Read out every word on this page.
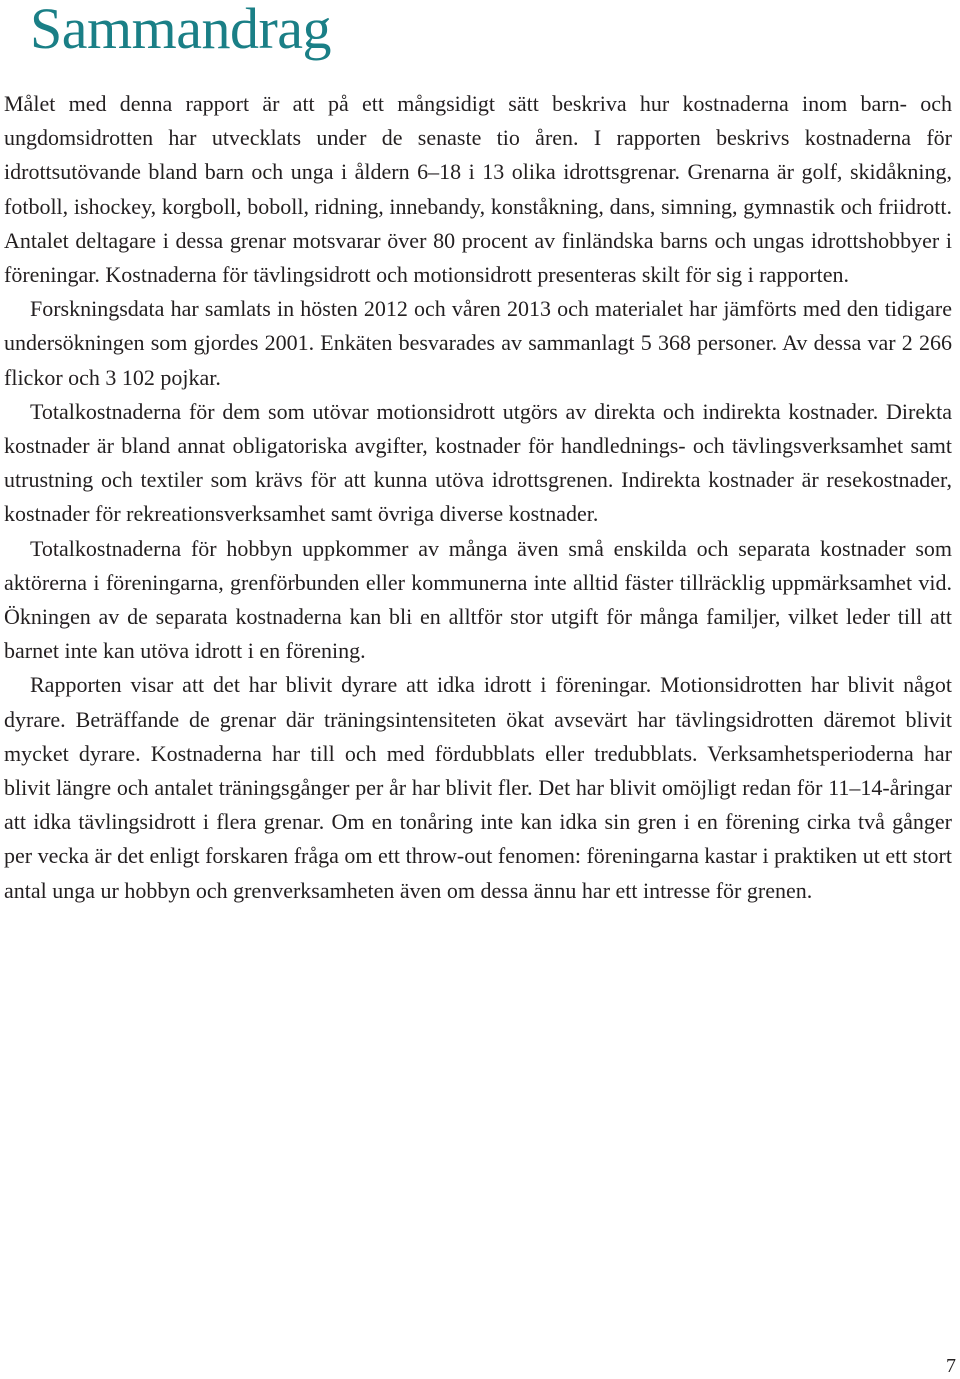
Sammandrag

Målet med denna rapport är att på ett mångsidigt sätt beskriva hur kostnaderna inom barn- och ungdomsidrotten har utvecklats under de senaste tio åren. I rapporten beskrivs kostnaderna för idrottsutövande bland barn och unga i åldern 6–18 i 13 olika idrottsgrenar. Grenarna är golf, skidåkning, fotboll, ishockey, korgboll, boboll, ridning, innebandy, konståkning, dans, simning, gymnastik och friidrott. Antalet deltagare i dessa grenar motsvarar över 80 procent av finländska barns och ungas idrottshobbyer i föreningar. Kostnaderna för tävlingsidrott och motionsidrott presenteras skilt för sig i rapporten.

Forskningsdata har samlats in hösten 2012 och våren 2013 och materialet har jämförts med den tidigare undersökningen som gjordes 2001. Enkäten besvarades av sammanlagt 5 368 personer. Av dessa var 2 266 flickor och 3 102 pojkar.

Totalkostnaderna för dem som utövar motionsidrott utgörs av direkta och indirekta kostnader. Direkta kostnader är bland annat obligatoriska avgifter, kostnader för handlednings- och tävlingsverksamhet samt utrustning och textiler som krävs för att kunna utöva idrottsgrenen. Indirekta kostnader är resekostnader, kostnader för rekreationsverksamhet samt övriga diverse kostnader.

Totalkostnaderna för hobbyn uppkommer av många även små enskilda och separata kostnader som aktörerna i föreningarna, grenförbunden eller kommunerna inte alltid fäster tillräcklig uppmärksamhet vid. Ökningen av de separata kostnaderna kan bli en alltför stor utgift för många familjer, vilket leder till att barnet inte kan utöva idrott i en förening.

Rapporten visar att det har blivit dyrare att idka idrott i föreningar. Motionsidrotten har blivit något dyrare. Beträffande de grenar där träningsintensiteten ökat avsevärt har tävlingsidrotten däremot blivit mycket dyrare. Kostnaderna har till och med fördubblats eller tredubblats. Verksamhetsperioderna har blivit längre och antalet träningsgånger per år har blivit fler. Det har blivit omöjligt redan för 11–14-åringar att idka tävlingsidrott i flera grenar. Om en tonåring inte kan idka sin gren i en förening cirka två gånger per vecka är det enligt forskaren fråga om ett throw-out fenomen: föreningarna kastar i praktiken ut ett stort antal unga ur hobbyn och grenverksamheten även om dessa ännu har ett intresse för grenen.

7
